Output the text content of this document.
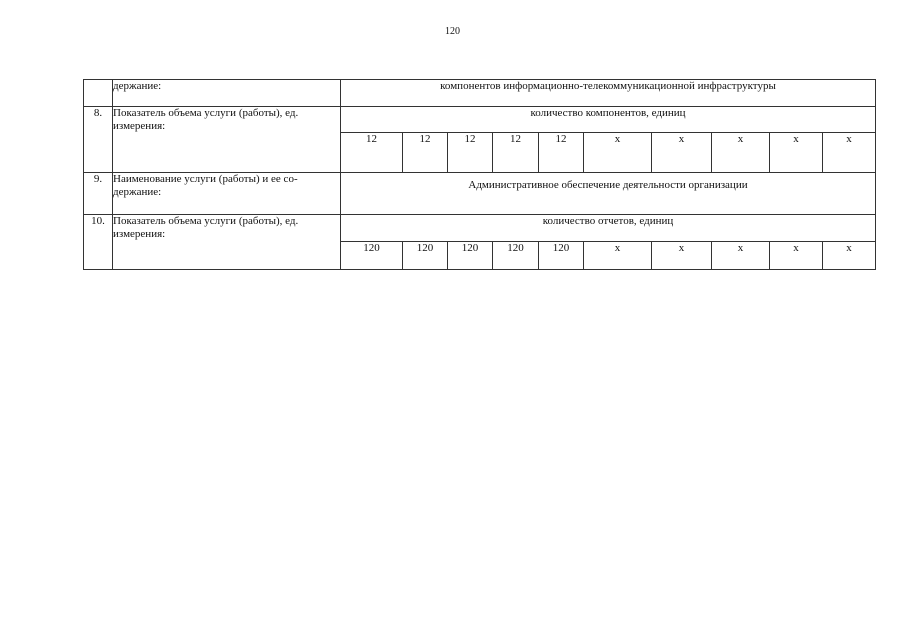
120
	держание:	компонентов информационно-телекоммуникационной инфраструктуры									
8.	Показатель объема услуги (работы), ед. измерения:	количество компонентов, единиц									
		12	12	12	12	12	x	x	x	x	x
9.	Наименование услуги (работы) и ее со-держание:	Административное обеспечение деятельности организации									
10.	Показатель объема услуги (работы), ед. измерения:	количество отчетов, единиц									
		120	120	120	120	120	x	x	x	x	x
